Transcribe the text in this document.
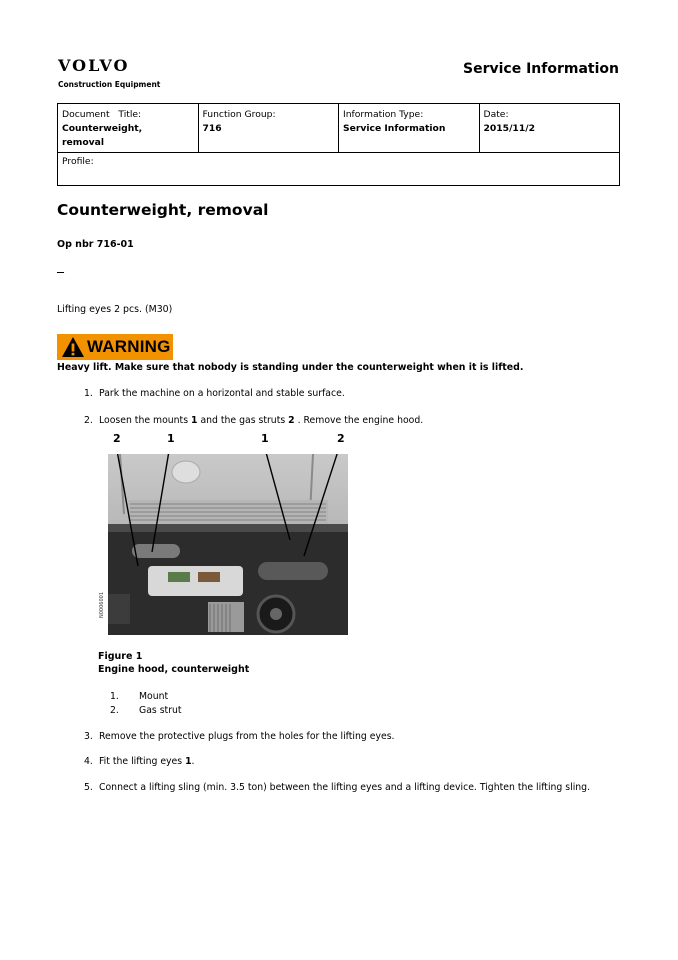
VOLVO
Construction Equipment
Service Information
Document   Title:
Counterweight, removal
Function Group:
716
Information Type:
Service Information
Date:
2015/11/2
Profile:
Counterweight, removal
Op nbr 716-01
__
Lifting eyes 2 pcs. (M30)
WARNING
Heavy lift. Make sure that nobody is standing under the counterweight when it is lifted.
1. Park the machine on a horizontal and stable surface.
2. Loosen the mounts 1 and the gas struts 2 . Remove the engine hood.
2	1	1	2
N0006001
Figure 1
Engine hood, counterweight
1. Mount
2. Gas strut
3. Remove the protective plugs from the holes for the lifting eyes.
4. Fit the lifting eyes 1.
5. Connect a lifting sling (min. 3.5 ton) between the lifting eyes and a lifting device. Tighten the lifting sling.
